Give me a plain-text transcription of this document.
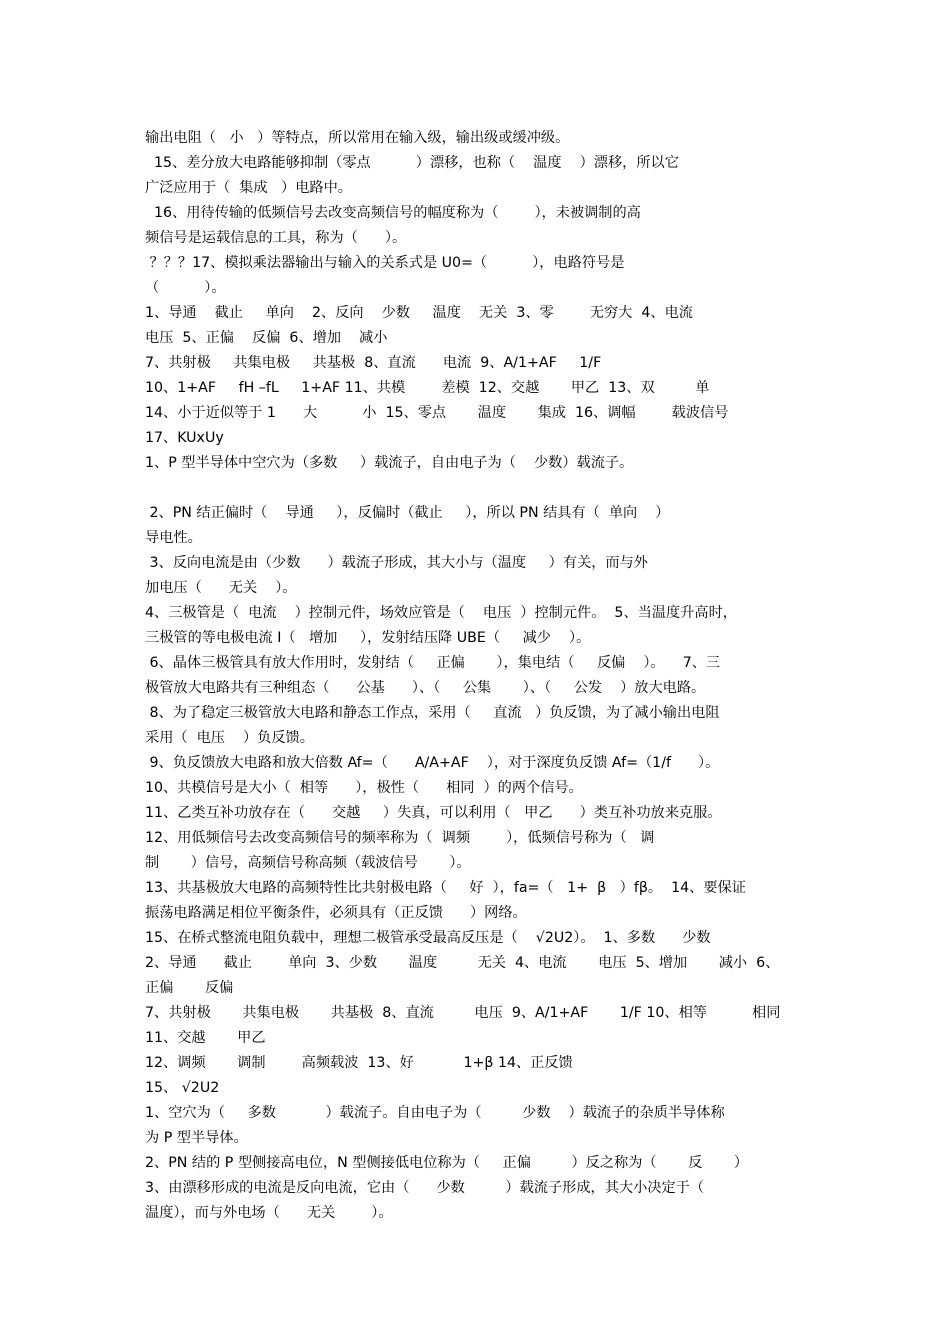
输出电阻（   小   ）等特点，所以常用在输入级，输出级或缓冲级。
15、差分放大电路能够抑制（零点          ）漂移，也称（    温度    ）漂移，所以它
广泛应用于（  集成   ）电路中。
16、用待传输的低频信号去改变高频信号的幅度称为（        ），未被调制的高
频信号是运载信息的工具，称为（      ）。
？？？17、模拟乘法器输出与输入的关系式是 U0=（          ），电路符号是
（          ）。
1、导通    截止     单向    2、反向    少数     温度    无关  3、零        无穷大  4、电流
电压  5、正偏    反偏  6、增加    减小
7、共射极     共集电极     共基极  8、直流      电流  9、A/1+AF     1/F
10、1+AF     fH –fL     1+AF 11、共模        差模  12、交越       甲乙  13、双         单
14、小于近似等于 1      大          小  15、零点       温度       集成  16、调幅        载波信号
17、KUxUy
1、P 型半导体中空穴为（多数     ）载流子，自由电子为（    少数）载流子。
2、PN 结正偏时（    导通     ），反偏时（截止     ），所以 PN 结具有（  单向    ）
导电性。
3、反向电流是由（少数      ）载流子形成，其大小与（温度     ）有关，而与外
加电压（      无关    ）。
4、三极管是（  电流    ）控制元件，场效应管是（    电压  ）控制元件。  5、当温度升高时，
三极管的等电极电流 I（   增加     ），发射结压降 UBE（     减少    ）。
6、晶体三极管具有放大作用时，发射结（     正偏       ），集电结（     反偏    ）。    7、三
极管放大电路共有三种组态（      公基      ）、（     公集       ）、（     公发    ）放大电路。
8、为了稳定三极管放大电路和静态工作点，采用（     直流   ）负反馈，为了减小输出电阻
采用（  电压    ）负反馈。
9、负反馈放大电路和放大倍数 Af=（      A/A+AF    ），对于深度负反馈 Af=（1/f      ）。
10、共模信号是大小（  相等      ），极性（      相同  ）的两个信号。
11、乙类互补功放存在（      交越     ）失真，可以利用（   甲乙      ）类互补功放来克服。
12、用低频信号去改变高频信号的频率称为（  调频        ），低频信号称为（   调
制       ）信号，高频信号称高频（载波信号       ）。
13、共基极放大电路的高频特性比共射极电路（     好  ），fa=（   1+  β   ）fβ。  14、要保证
振荡电路满足相位平衡条件，必须具有（正反馈      ）网络。
15、在桥式整流电阻负载中，理想二极管承受最高反压是（    √2U2）。  1、多数      少数
2、导通      截止        单向  3、少数       温度         无关  4、电流       电压  5、增加       减小  6、
正偏       反偏
7、共射极       共集电极       共基极  8、直流         电压  9、A/1+AF       1/F 10、相等          相同
11、交越       甲乙
12、调频       调制        高频载波  13、好           1+β 14、正反馈
15、 √2U2
1、空穴为（     多数           ）载流子。自由电子为（         少数    ）载流子的杂质半导体称
为 P 型半导体。
2、PN 结的 P 型侧接高电位，N 型侧接低电位称为（     正偏         ）反之称为（       反       ）
3、由漂移形成的电流是反向电流，它由（      少数         ）载流子形成，其大小决定于（
温度），而与外电场（      无关        ）。
